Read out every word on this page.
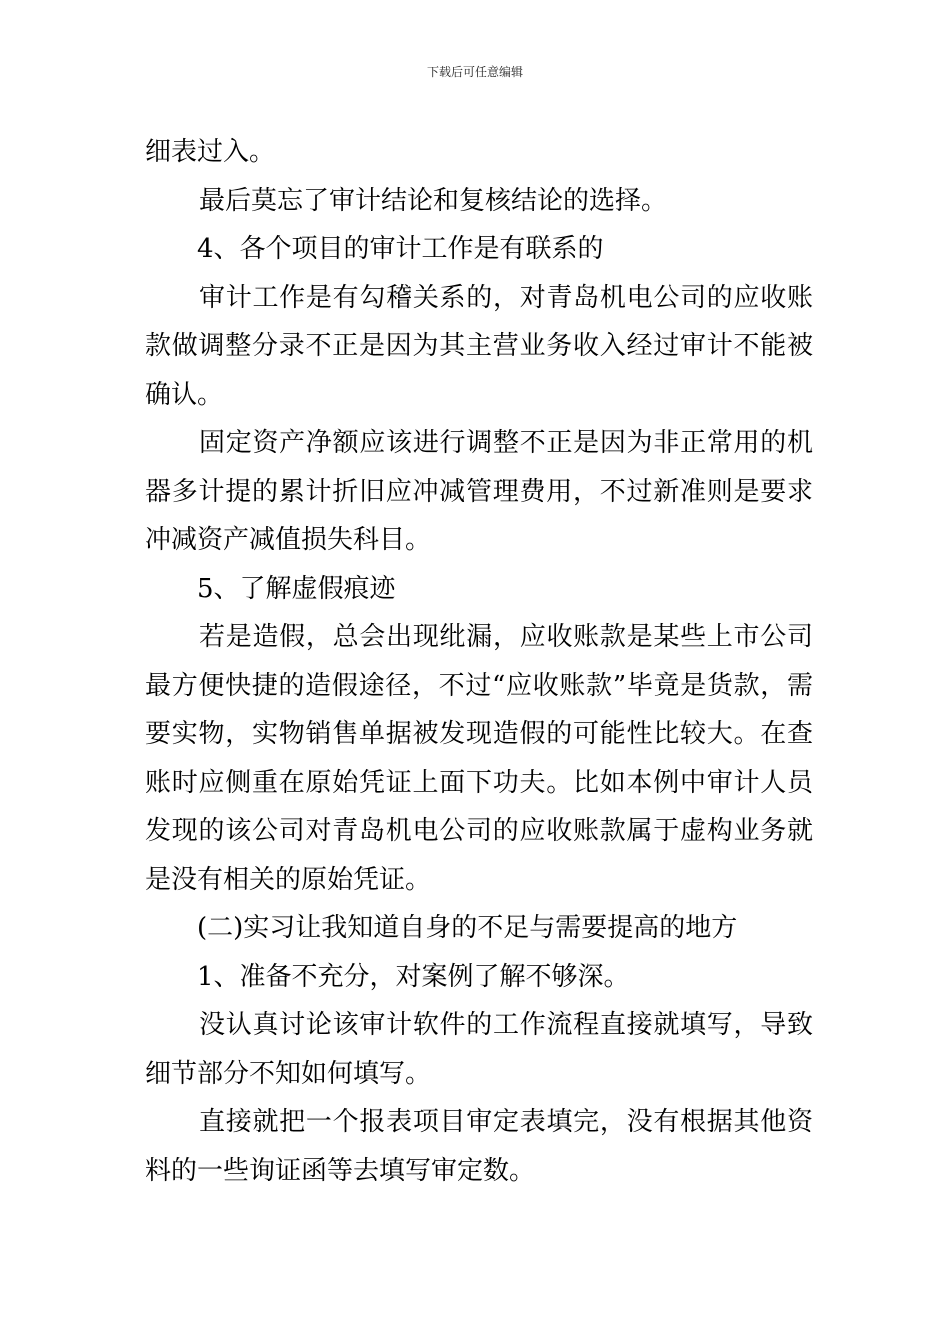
下载后可任意编辑

细表过入。

最后莫忘了审计结论和复核结论的选择。

4、各个项目的审计工作是有联系的

审计工作是有勾稽关系的，对青岛机电公司的应收账款做调整分录不正是因为其主营业务收入经过审计不能被确认。

固定资产净额应该进行调整不正是因为非正常用的机器多计提的累计折旧应冲减管理费用，不过新准则是要求冲减资产减值损失科目。

5、了解虚假痕迹

若是造假，总会出现纰漏，应收账款是某些上市公司最方便快捷的造假途径，不过“应收账款”毕竟是货款，需要实物，实物销售单据被发现造假的可能性比较大。在查账时应侧重在原始凭证上面下功夫。比如本例中审计人员发现的该公司对青岛机电公司的应收账款属于虚构业务就是没有相关的原始凭证。

(二)实习让我知道自身的不足与需要提高的地方

1、准备不充分，对案例了解不够深。

没认真讨论该审计软件的工作流程直接就填写，导致细节部分不知如何填写。

直接就把一个报表项目审定表填完，没有根据其他资料的一些询证函等去填写审定数。
